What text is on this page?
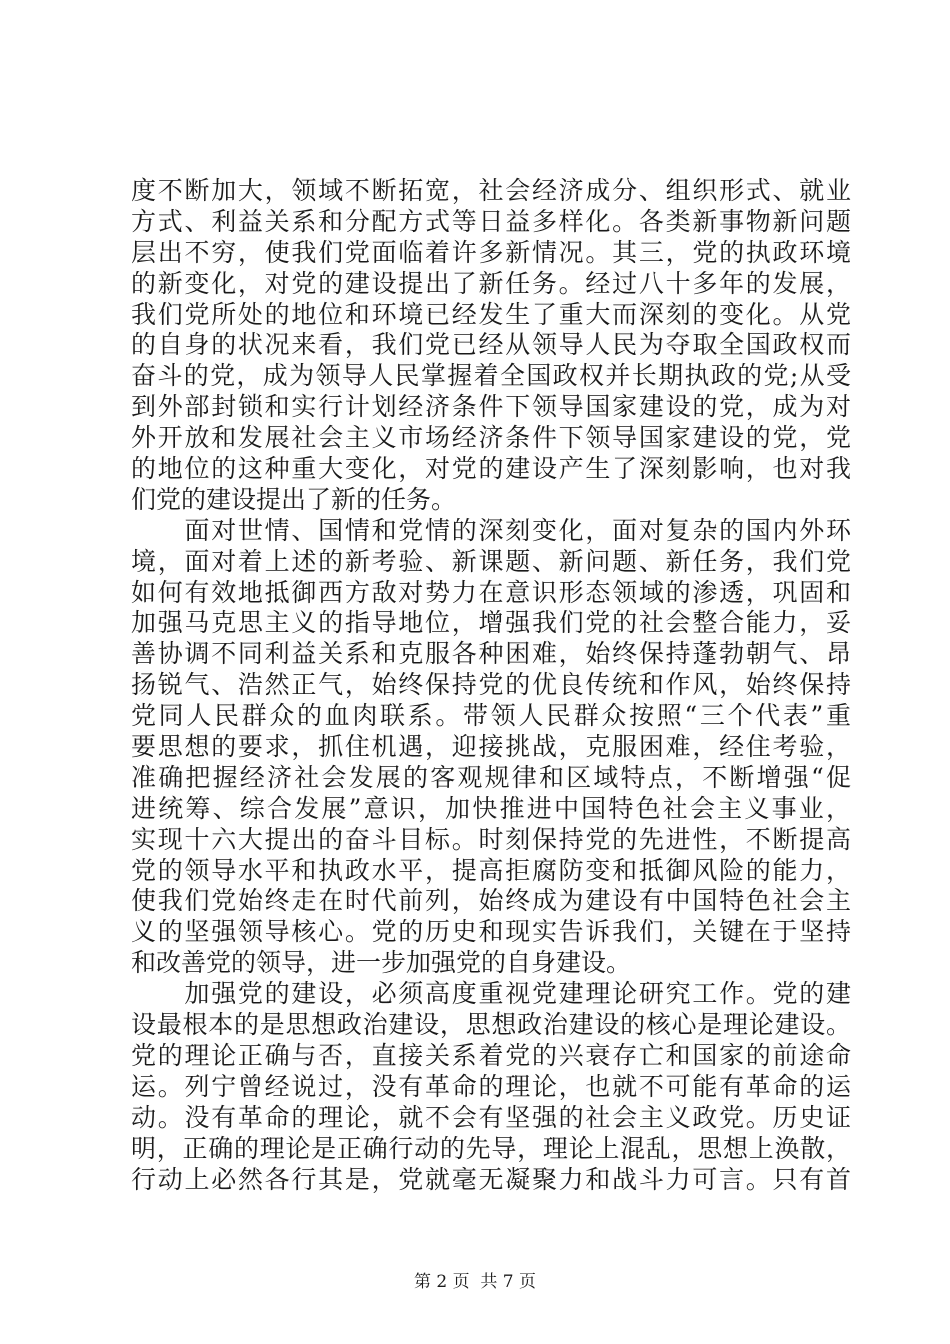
度不断加大，领域不断拓宽，社会经济成分、组织形式、就业
方式、利益关系和分配方式等日益多样化。各类新事物新问题
层出不穷，使我们党面临着许多新情况。其三，党的执政环境
的新变化，对党的建设提出了新任务。经过八十多年的发展，
我们党所处的地位和环境已经发生了重大而深刻的变化。从党
的自身的状况来看，我们党已经从领导人民为夺取全国政权而
奋斗的党，成为领导人民掌握着全国政权并长期执政的党;从受
到外部封锁和实行计划经济条件下领导国家建设的党，成为对
外开放和发展社会主义市场经济条件下领导国家建设的党，党
的地位的这种重大变化，对党的建设产生了深刻影响，也对我
们党的建设提出了新的任务。
　　面对世情、国情和党情的深刻变化，面对复杂的国内外环
境，面对着上述的新考验、新课题、新问题、新任务，我们党
如何有效地抵御西方敌对势力在意识形态领域的渗透，巩固和
加强马克思主义的指导地位，增强我们党的社会整合能力，妥
善协调不同利益关系和克服各种困难，始终保持蓬勃朝气、昂
扬锐气、浩然正气，始终保持党的优良传统和作风，始终保持
党同人民群众的血肉联系。带领人民群众按照“三个代表”重
要思想的要求，抓住机遇，迎接挑战，克服困难，经住考验，
准确把握经济社会发展的客观规律和区域特点，不断增强“促
进统筹、综合发展”意识，加快推进中国特色社会主义事业，
实现十六大提出的奋斗目标。时刻保持党的先进性，不断提高
党的领导水平和执政水平，提高拒腐防变和抵御风险的能力，
使我们党始终走在时代前列，始终成为建设有中国特色社会主
义的坚强领导核心。党的历史和现实告诉我们，关键在于坚持
和改善党的领导，进一步加强党的自身建设。
　　加强党的建设，必须高度重视党建理论研究工作。党的建
设最根本的是思想政治建设，思想政治建设的核心是理论建设。
党的理论正确与否，直接关系着党的兴衰存亡和国家的前途命
运。列宁曾经说过，没有革命的理论，也就不可能有革命的运
动。没有革命的理论，就不会有坚强的社会主义政党。历史证
明，正确的理论是正确行动的先导，理论上混乱，思想上涣散，
行动上必然各行其是，党就毫无凝聚力和战斗力可言。只有首
第 2 页 共 7 页
